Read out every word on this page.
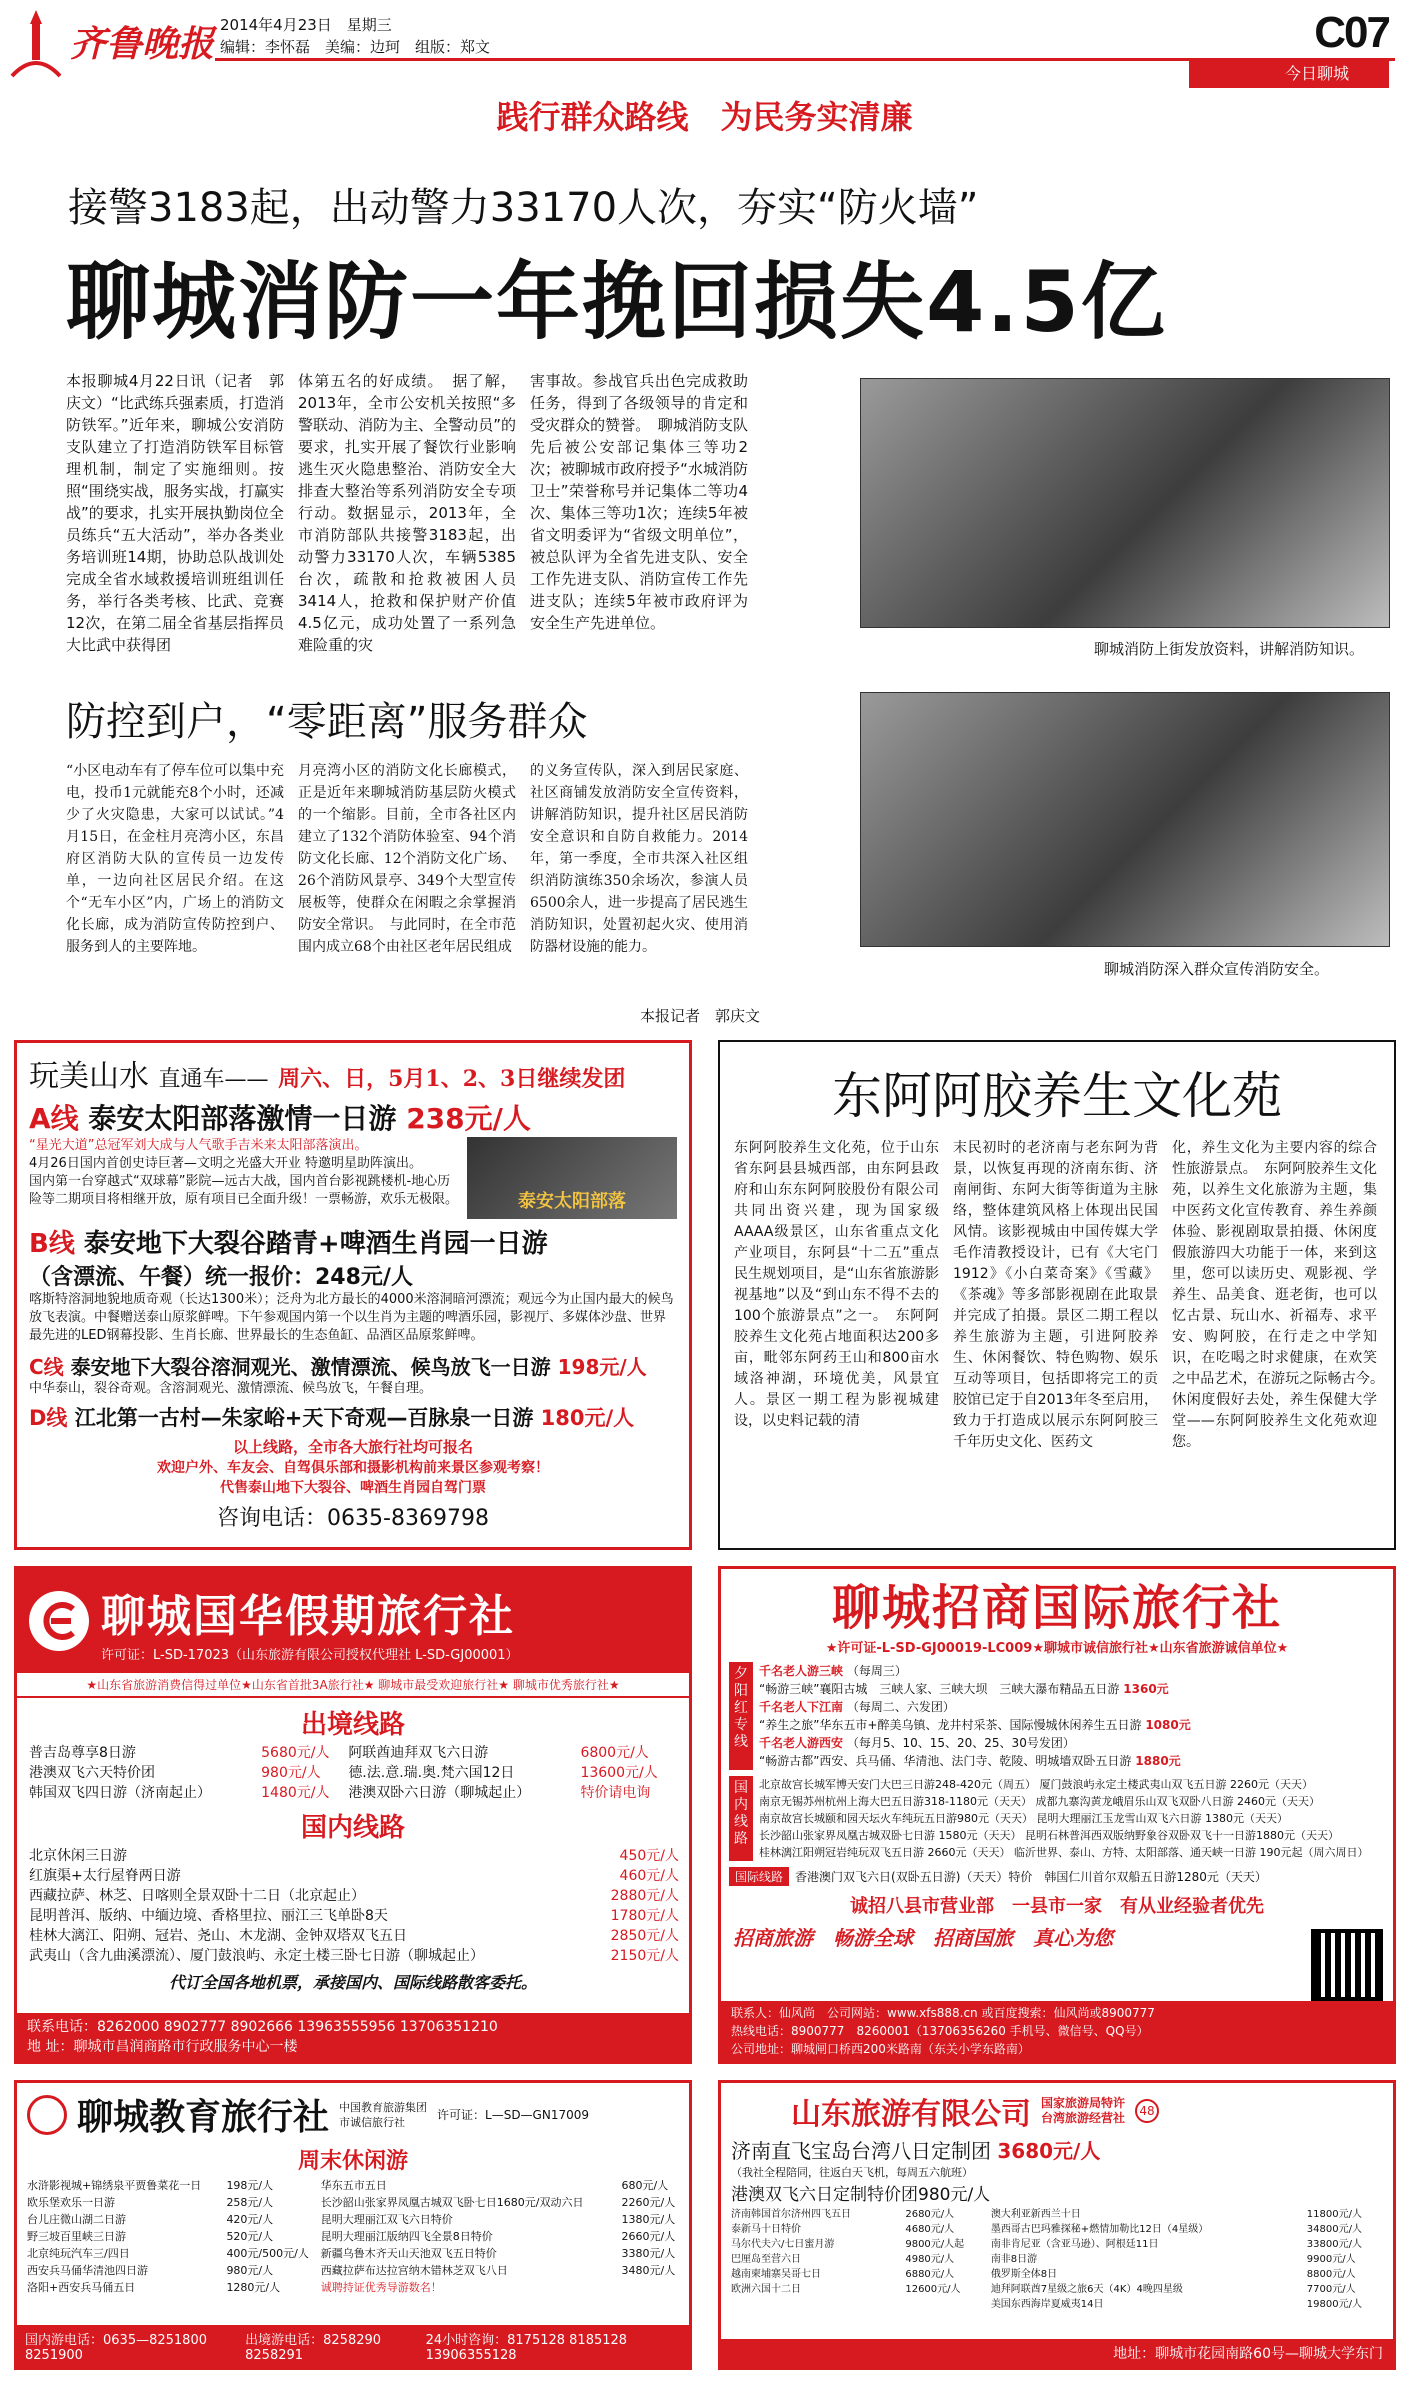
齐鲁晚报 2014年4月23日　星期三
编辑：李怀磊　美编：边珂　组版：郑文	C07
今日聊城
践行群众路线　为民务实清廉
接警3183起，出动警力33170人次，夯实“防火墙”
聊城消防一年挽回损失4.5亿
本报聊城4月22日讯（记者　郭庆文）“比武练兵强素质，打造消防铁军。”近年来，聊城公安消防支队建立了打造消防铁军目标管理机制，制定了实施细则。按照“围绕实战，服务实战，打赢实战”的要求，扎实开展执勤岗位全员练兵“五大活动”，举办各类业务培训班14期，协助总队战训处完成全省水域救援培训班组训任务，举行各类考核、比武、竞赛12次，在第二届全省基层指挥员大比武中获得团
体第五名的好成绩。　据了解，2013年，全市公安机关按照“多警联动、消防为主、全警动员”的要求，扎实开展了餐饮行业影响逃生灭火隐患整治、消防安全大排查大整治等系列消防安全专项行动。数据显示，2013年，全市消防部队共接警3183起，出动警力33170人次，车辆5385台次，疏散和抢救被困人员3414人，抢救和保护财产价值4.5亿元，成功处置了一系列急难险重的灾
害事故。参战官兵出色完成救助任务，得到了各级领导的肯定和受灾群众的赞誉。　聊城消防支队先后被公安部记集体三等功2次；被聊城市政府授予“水城消防卫士”荣誉称号并记集体二等功4次、集体三等功1次；连续5年被省文明委评为“省级文明单位”，被总队评为全省先进支队、安全工作先进支队、消防宣传工作先进支队；连续5年被市政府评为安全生产先进单位。
聊城消防上街发放资料，讲解消防知识。
防控到户，“零距离”服务群众
“小区电动车有了停车位可以集中充电，投币1元就能充8个小时，还减少了火灾隐患，大家可以试试。”4月15日，在金柱月亮湾小区，东昌府区消防大队的宣传员一边发传单，一边向社区居民介绍。在这个“无车小区”内，广场上的消防文化长廊，成为消防宣传防控到户、服务到人的主要阵地。
月亮湾小区的消防文化长廊模式，正是近年来聊城消防基层防火模式的一个缩影。目前，全市各社区内建立了132个消防体验室、94个消防文化长廊、12个消防文化广场、26个消防风景亭、349个大型宣传展板等，使群众在闲暇之余掌握消防安全常识。　与此同时，在全市范围内成立68个由社区老年居民组成
的义务宣传队，深入到居民家庭、社区商铺发放消防安全宣传资料，讲解消防知识，提升社区居民消防安全意识和自防自救能力。2014年，第一季度，全市共深入社区组织消防演练350余场次，参演人员6500余人，进一步提高了居民逃生消防知识，处置初起火灾、使用消防器材设施的能力。
本报记者　郭庆文
聊城消防深入群众宣传消防安全。
玩美山水 直通车—— 周六、日，5月1、2、3日继续发团
A线 泰安太阳部落激情一日游 238元/人
“星光大道”总冠军刘大成与人气歌手吉米来太阳部落演出。
4月26日国内首创史诗巨著—文明之光盛大开业 特邀明星助阵演出。
国内第一台穿越式“双球幕”影院—远古大战，国内首台影视跳楼机-地心历险等二期项目将相继开放，原有项目已全面升级！一票畅游，欢乐无极限。	泰安太阳部落
B线 泰安地下大裂谷踏青+啤酒生肖园一日游
（含漂流、午餐）统一报价：248元/人
喀斯特溶洞地貌地质奇观（长达1300米）；泛舟为北方最长的4000米溶洞暗河漂流；观远今为止国内最大的候鸟放飞表演。中餐赠送泰山原浆鲜啤。下午参观国内第一个以生肖为主题的啤酒乐园，影视厅、多媒体沙盘、世界最先进的LED钢幕投影、生肖长廊、世界最长的生态鱼缸、品酒区品原浆鲜啤。
C线 泰安地下大裂谷溶洞观光、激情漂流、候鸟放飞一日游 198元/人
中华泰山，裂谷奇观。含溶洞观光、激情漂流、候鸟放飞，午餐自理。
D线 江北第一古村—朱家峪+天下奇观—百脉泉一日游 180元/人
以上线路，全市各大旅行社均可报名
欢迎户外、车友会、自驾俱乐部和摄影机构前来景区参观考察！
代售泰山地下大裂谷、啤酒生肖园自驾门票
咨询电话：0635-8369798
东阿阿胶养生文化苑
东阿阿胶养生文化苑，位于山东省东阿县县城西部，由东阿县政府和山东东阿阿胶股份有限公司共同出资兴建，现为国家级AAAA级景区，山东省重点文化产业项目，东阿县“十二五”重点民生规划项目，是“山东省旅游影视基地”以及“到山东不得不去的100个旅游景点”之一。　东阿阿胶养生文化苑占地面积达200多亩，毗邻东阿药王山和800亩水域洛神湖，环境优美，风景宜人。景区一期工程为影视城建设，以史料记载的清
末民初时的老济南与老东阿为背景，以恢复再现的济南东街、济南闸街、东阿大街等街道为主脉络，整体建筑风格上体现出民国风情。该影视城由中国传媒大学毛作清教授设计，已有《大宅门1912》《小白菜奇案》《雪藏》《茶魂》等多部影视剧在此取景并完成了拍摄。景区二期工程以养生旅游为主题，引进阿胶养生、休闲餐饮、特色购物、娱乐互动等项目，包括即将完工的贡胶馆已定于自2013年冬至启用，致力于打造成以展示东阿阿胶三千年历史文化、医药文
化，养生文化为主要内容的综合性旅游景点。　东阿阿胶养生文化苑，以养生文化旅游为主题，集中医药文化宣传教育、养生养颜体验、影视剧取景拍摄、休闲度假旅游四大功能于一体，来到这里，您可以读历史、观影视、学养生、品美食、逛老街，也可以忆古景、玩山水、祈福寿、求平安、购阿胶，在行走之中学知识，在吃喝之时求健康，在欢笑之中品艺术，在游玩之际畅古今。　休闲度假好去处，养生保健大学堂——东阿阿胶养生文化苑欢迎您。
聊城国华假期旅行社
许可证：L-SD-17023（山东旅游有限公司授权代理社 L-SD-GJ00001）
★山东省旅游消费信得过单位★山东省首批3A旅行社★ 聊城市最受欢迎旅行社★ 聊城市优秀旅行社★
出境线路
普吉岛尊享8日游	5680元/人	阿联酋迪拜双飞六日游	6800元/人
港澳双飞六天特价团	980元/人	德.法.意.瑞.奥.梵六国12日	13600元/人
韩国双飞四日游（济南起止）	1480元/人	港澳双卧六日游（聊城起止）	特价请电询
国内线路
北京休闲三日游	450元/人
红旗渠+太行屋脊两日游	460元/人
西藏拉萨、林芝、日喀则全景双卧十二日（北京起止）	2880元/人
昆明普洱、版纳、中缅边境、香格里拉、丽江三飞单卧8天	1780元/人
桂林大漓江、阳朔、冠岩、尧山、木龙湖、金钟双塔双飞五日	2850元/人
武夷山（含九曲溪漂流）、厦门鼓浪屿、永定土楼三卧七日游（聊城起止）	2150元/人
代订全国各地机票，承接国内、国际线路散客委托。
联系电话：8262000 8902777 8902666 13963555956 13706351210
地 址：聊城市昌润商路市行政服务中心一楼
聊城招商国际旅行社
★许可证-L-SD-GJ00019-LC009★聊城市诚信旅行社★山东省旅游诚信单位★
夕阳红专线
千名老人游三峡 （每周三）
“畅游三峡”襄阳古城　三峡人家、三峡大坝　三峡大瀑布精品五日游 1360元
千名老人下江南 （每周二、六发团）
“养生之旅”华东五市+醉美乌镇、龙井村采茶、国际慢城休闲养生五日游 1080元
千名老人游西安 （每月5、10、15、20、25、30号发团）
“畅游古都”西安、兵马俑、华清池、法门寺、乾陵、明城墙双卧五日游 1880元
国内线路
北京故宫长城军博天安门大巴三日游248-420元（周五） 厦门鼓浪屿永定土楼武夷山双飞五日游 2260元（天天）
南京无锡苏州杭州上海大巴五日游318-1180元（天天） 成都九寨沟黄龙峨眉乐山双飞双卧八日游 2460元（天天）
南京故宫长城颐和园天坛火车纯玩五日游980元（天天） 昆明大理丽江玉龙雪山双飞六日游 1380元（天天）
长沙韶山张家界凤凰古城双卧七日游 1580元（天天） 昆明石林普洱西双版纳野象谷双卧双飞十一日游1880元（天天）
桂林漓江阳朔冠岩纯玩双飞五日游 2660元（天天） 临沂世界、泰山、方特、太阳部落、通天峡一日游 190元起（周六周日）
国际线路	香港澳门双飞六日(双卧五日游)（天天）特价　韩国仁川首尔双船五日游1280元（天天）
诚招八县市营业部　一县市一家　有从业经验者优先
招商旅游　畅游全球　招商国旅　真心为您
联系人：仙风尚　公司网站：www.xfs888.cn 或百度搜索：仙风尚或8900777
热线电话：8900777　8260001（13706356260 手机号、微信号、QQ号）
公司地址：聊城闸口桥西200米路南（东关小学东路南）
聊城教育旅行社 中国教育旅游集团
市诚信旅行社	许可证：L—SD—GN17009
周末休闲游
水浒影视城+锦绣泉平贾鲁菜花一日	198元/人	华东五市五日	680元/人
欧乐堡欢乐一日游	258元/人	长沙韶山张家界凤凰古城双飞卧七日1680元/双动六日	2260元/人
台儿庄微山湖二日游	420元/人	昆明大理丽江双飞六日特价	1380元/人
野三坡百里峡三日游	520元/人	昆明大理丽江版纳四飞全景8日特价	2660元/人
北京纯玩汽车三/四日	400元/500元/人	新疆乌鲁木齐天山天池双飞五日特价	3380元/人
西安兵马俑华清池四日游	980元/人	西藏拉萨布达拉宫纳木错林芝双飞八日	3480元/人
洛阳+西安兵马俑五日	1280元/人	诚聘持证优秀导游数名！	
国内游电话：0635—8251800 8251900
出境游电话：8258290 8258291
24小时咨询：8175128 8185128 13906355128
山东旅游有限公司 国家旅游局特许
台湾旅游经营社	48
济南直飞宝岛台湾八日定制团 3680元/人
（我社全程陪同，往返白天飞机，每周五六航班）
港澳双飞六日定制特价团980元/人
济南韩国首尔济州四飞五日	2680元/人	澳大利亚新西兰十日	11800元/人
泰新马十日特价	4680元/人	墨西哥古巴玛雅探秘+燃情加勒比12日（4星级）	34800元/人
马尔代夫六/七日蜜月游	9800元/人起	南非肯尼亚（含亚马逊）、阿根廷11日	33800元/人
巴厘岛至营六日	4980元/人	南非8日游	9900元/人
越南柬埔寨吴哥七日	6880元/人	俄罗斯全体8日	8800元/人
欧洲六国十二日	12600元/人	迪拜阿联酋7星级之旅6天（4K）4晚四星级	7700元/人
		美国东西海岸夏威夷14日	19800元/人
地址：聊城市花园南路60号—聊城大学东门
